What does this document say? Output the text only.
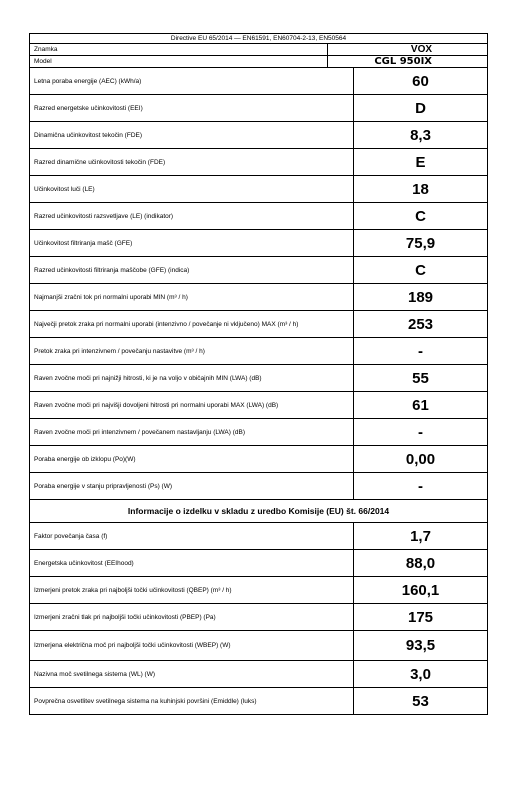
Directive EU 65/2014 — EN61591, EN60704-2-13, EN50564		
Znamka	VOX	
Model	CGL 950IX	
Letna poraba energije (AEC) (kWh/a)		60
Razred energetske učinkovitosti (EEI)		D
Dinamična učinkovitost tekočin (FDE)		8,3
Razred dinamične učinkovitosti tekočin (FDE)		E
Učinkovitost luči (LE)		18
Razred učinkovitosti razsvetljave (LE) (indikator)		C
Učinkovitost filtriranja mašč (GFE)		75,9
Razred učinkovitosti filtriranja maščobe (GFE) (indica)		C
Najmanjši zračni tok pri normalni uporabi MIN (m³ / h)		189
Največji pretok zraka pri normalni uporabi (intenzivno / povečanje ni vključeno) MAX (m³ / h)		253
Pretok zraka pri intenzivnem / povečanju nastavitve (m³ / h)		-
Raven zvočne moči pri najnižji hitrosti, ki je na voljo v običajnih MIN (LWA) (dB)		55
Raven zvočne moči pri najvišji dovoljeni hitrosti pri normalni uporabi MAX (LWA) (dB)		61
Raven zvočne moči pri intenzivnem / povečanem nastavljanju (LWA) (dB)		-
Poraba energije ob izklopu (Po)(W)		0,00
Poraba energije v stanju pripravljenosti (Ps) (W)		-
Informacije o izdelku v skladu z uredbo Komisije (EU) št. 66/2014		
Faktor povečanja časa (f)		1,7
Energetska učinkovitost (EEIhood)		88,0
Izmerjeni pretok zraka pri najboljši točki učinkovitosti (QBEP) (m³ / h)		160,1
Izmerjeni zračni tlak pri najboljši točki učinkovitosti (PBEP) (Pa)		175
Izmerjena električna moč pri najboljši točki učinkovitosti (WBEP) (W)		93,5
Nazivna moč svetilnega sistema (WL) (W)		3,0
Povprečna osvetlitev svetilnega sistema na kuhinjski površini (Emiddle) (luks)		53
